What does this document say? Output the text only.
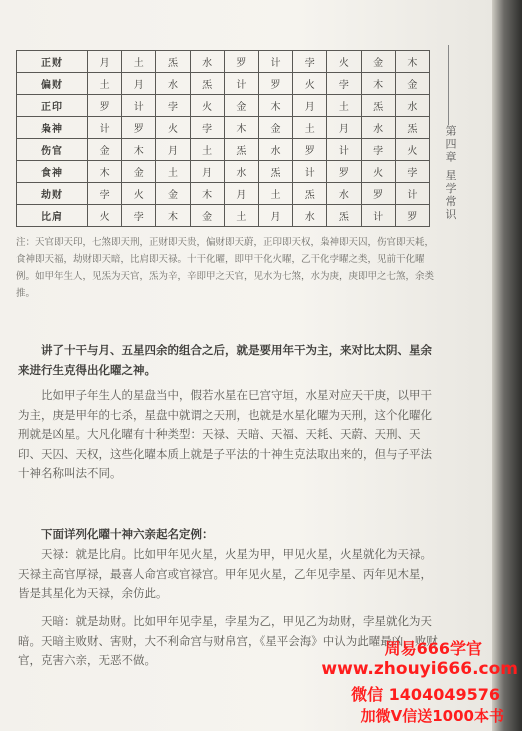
正财	月	土	炁	水	罗	计	孛	火	金	木
偏财	土	月	水	炁	计	罗	火	孛	木	金
正印	罗	计	孛	火	金	木	月	土	炁	水
枭神	计	罗	火	孛	木	金	土	月	水	炁
伤官	金	木	月	土	炁	水	罗	计	孛	火
食神	木	金	土	月	水	炁	计	罗	火	孛
劫财	孛	火	金	木	月	土	炁	水	罗	计
比肩	火	孛	木	金	土	月	水	炁	计	罗
第四章 星学常识
注：天官即天印，七煞即天刑，正财即天贵，偏财即天蔚，正印即天权，枭神即天囚，伤官即天耗，食神即天福，劫财即天暗，比肩即天禄。十干化曜，即甲干化火曜，乙干化孛曜之类，见前干化曜例。如甲年生人，见炁为天官，炁为辛，辛即甲之天官，见水为七煞，水为庚，庚即甲之七煞，余类推。

讲了十干与月、五星四余的组合之后，就是要用年干为主，来对比太阴、星余来进行生克得出化曜之神。

比如甲子年生人的星盘当中，假若水星在巳宫守垣，水星对应天干庚，以甲干为主，庚是甲年的七杀，星盘中就谓之天刑，也就是水星化曜为天刑，这个化曜化刑就是凶星。大凡化曜有十种类型：天禄、天暗、天福、天耗、天蔚、天刑、天印、天囚、天权，这些化曜本质上就是子平法的十神生克法取出来的，但与子平法十神名称叫法不同。

下面详列化曜十神六亲起名定例：

天禄：就是比肩。比如甲年见火星，火星为甲，甲见火星，火星就化为天禄。天禄主高官厚禄，最喜人命宫或官禄宫。甲年见火星，乙年见孛星、丙年见木星，皆是其星化为天禄，余仿此。

天暗：就是劫财。比如甲年见孛星，孛星为乙，甲见乙为劫财，孛星就化为天暗。天暗主败财、害财，大不利命宫与财帛宫，《星平会海》中认为此曜最凶，败财官，克害六亲，无恶不做。

周易666学官
www.zhouyi666.com
微信 1404049576
加微V信送1000本书
